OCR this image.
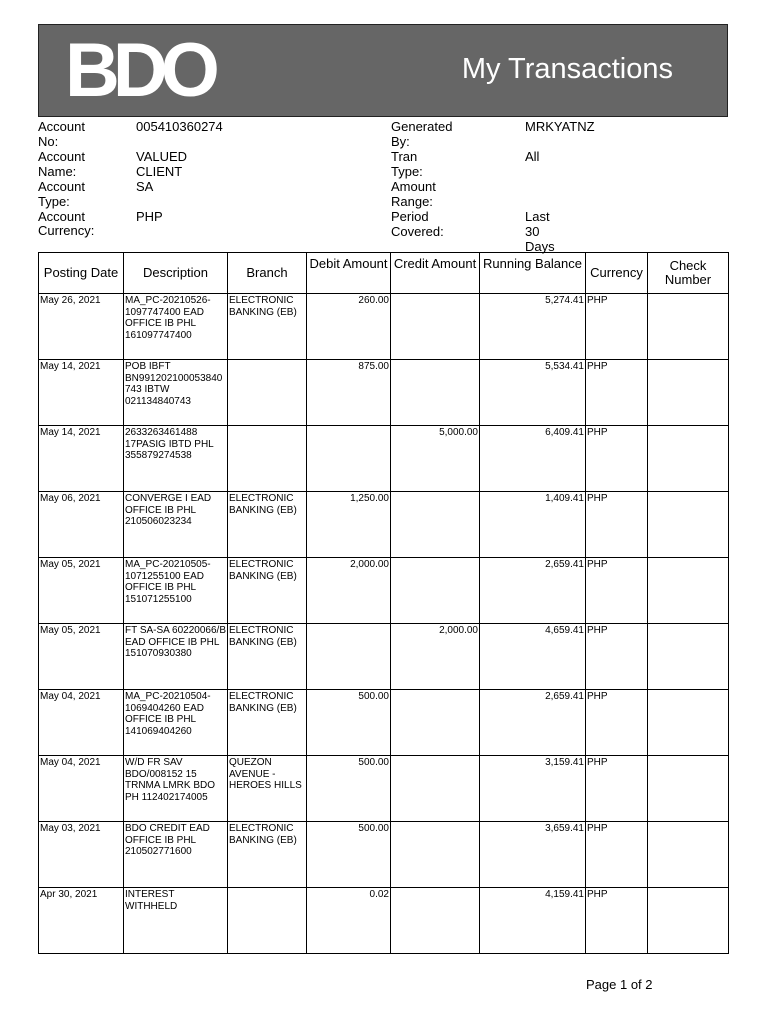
BDO	My Transactions
Account No:
005410360274
Account Name:
VALUED CLIENT
Account Type:
SA
Account
Currency:
PHP
Generated By:
MRKYATNZ
Tran Type:
All
Amount Range:
Period Covered:
Last 30 Days
Posting Date	Description	Branch	Debit Amount	Credit Amount	Running Balance	Currency	Check
Number
May 26, 2021	MA_PC-20210526-1097747400 EAD OFFICE IB PHL 161097747400	ELECTRONIC BANKING (EB)	260.00		5,274.41	PHP	
May 14, 2021	POB IBFT BN991202100053840743 IBTW 021134840743		875.00		5,534.41	PHP	
May 14, 2021	2633263461488 17PASIG IBTD PHL 355879274538			5,000.00	6,409.41	PHP	
May 06, 2021	CONVERGE I EAD OFFICE IB PHL 210506023234	ELECTRONIC BANKING (EB)	1,250.00		1,409.41	PHP	
May 05, 2021	MA_PC-20210505-1071255100 EAD OFFICE IB PHL 151071255100	ELECTRONIC BANKING (EB)	2,000.00		2,659.41	PHP	
May 05, 2021	FT SA-SA 60220066/B EAD OFFICE IB PHL 151070930380	ELECTRONIC BANKING (EB)		2,000.00	4,659.41	PHP	
May 04, 2021	MA_PC-20210504-1069404260 EAD OFFICE IB PHL 141069404260	ELECTRONIC BANKING (EB)	500.00		2,659.41	PHP	
May 04, 2021	W/D FR SAV BDO/008152 15 TRNMA LMRK BDO PH 112402174005	QUEZON AVENUE - HEROES HILLS	500.00		3,159.41	PHP	
May 03, 2021	BDO CREDIT EAD OFFICE IB PHL 210502771600	ELECTRONIC BANKING (EB)	500.00		3,659.41	PHP	
Apr 30, 2021	INTEREST WITHHELD		0.02		4,159.41	PHP	
Page 1 of 2
